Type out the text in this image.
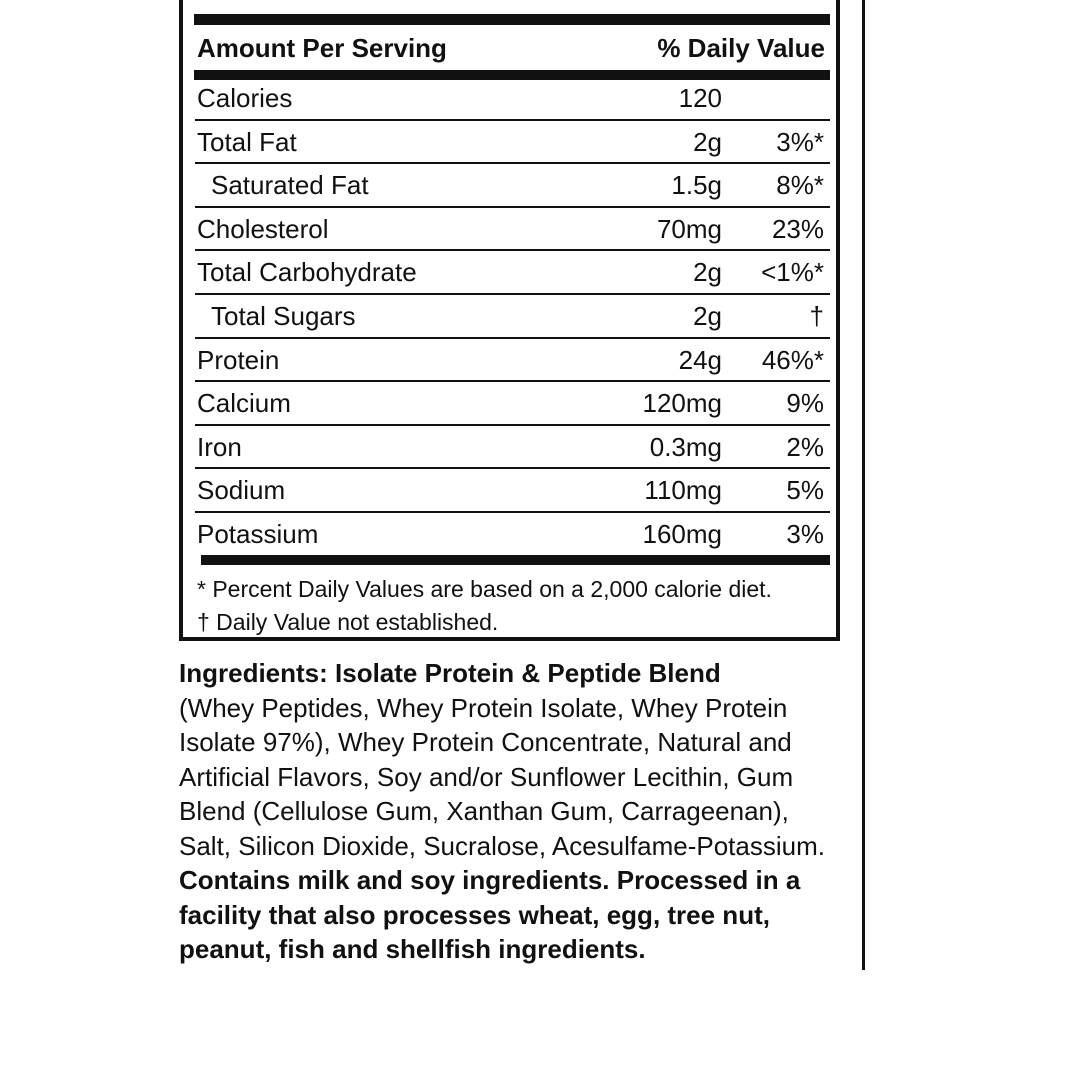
Amount Per Serving	% Daily Value
Calories	120
Total Fat	2g 3%*
Saturated Fat	1.5g 8%*
Cholesterol	70mg 23%
Total Carbohydrate	2g <1%*
Total Sugars	2g	†
Protein	24g 46%*
Calcium	120mg 9%
Iron	0.3mg 2%
Sodium	110mg 5%
Potassium	160mg 3%
* Percent Daily Values are based on a 2,000 calorie diet.
† Daily Value not established.

Ingredients: Isolate Protein & Peptide Blend

(Whey Peptides, Whey Protein Isolate, Whey Protein Isolate 97%), Whey Protein Concentrate, Natural and Artificial Flavors, Soy and/or Sunflower Lecithin, Gum Blend (Cellulose Gum, Xanthan Gum, Carrageenan), Salt, Silicon Dioxide, Sucralose, Acesulfame-Potassium.

Contains milk and soy ingredients. Processed in a facility that also processes wheat, egg, tree nut, peanut, fish and shellfish ingredients.
